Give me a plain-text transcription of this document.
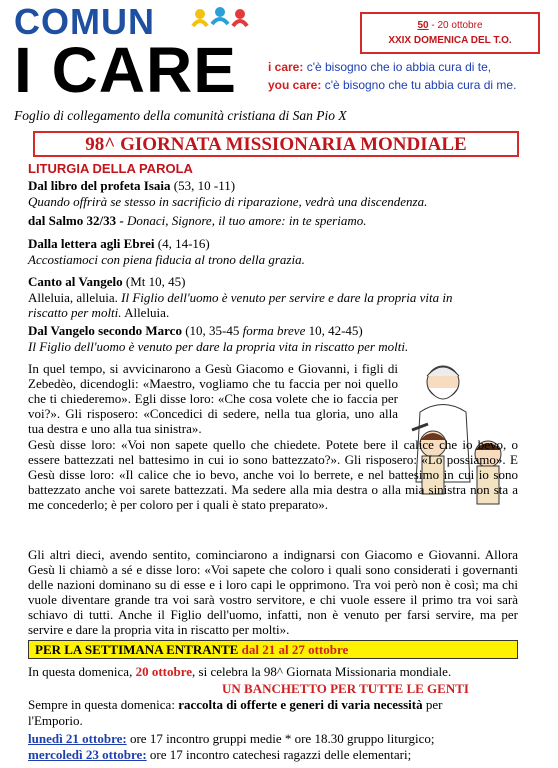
COMUN
I CARE
50 - 20 ottobre
XXIX DOMENICA DEL T.O.
i care: c'è bisogno che io abbia cura di te,
you care: c'è bisogno che tu abbia cura di me.
Foglio di collegamento della comunità cristiana di San Pio X
98^ GIORNATA MISSIONARIA MONDIALE
LITURGIA DELLA PAROLA
Dal libro del profeta Isaia (53, 10 -11)
Quando offrirà se stesso in sacrificio di riparazione, vedrà una discendenza.
dal Salmo 32/33 - Donaci, Signore, il tuo amore: in te speriamo.
Dalla lettera agli Ebrei (4, 14-16)
Accostiamoci con piena fiducia al trono della grazia.
Canto al Vangelo (Mt 10, 45)
Alleluia, alleluia. Il Figlio dell'uomo è venuto per servire e dare la propria vita in
riscatto per molti. Alleluia.
Dal Vangelo secondo Marco (10, 35-45 forma breve 10, 42-45)
Il Figlio dell'uomo è venuto per dare la propria vita in riscatto per molti.
In quel tempo, si avvicinarono a Gesù Giacomo e Giovanni, i figli di Zebedèo, dicendogli: «Maestro, vogliamo che tu faccia per noi quello che ti chiederemo». Egli disse loro: «Che cosa volete che io faccia per voi?». Gli risposero: «Concedici di sedere, nella tua gloria, uno alla tua destra e uno alla tua sinistra».
Gesù disse loro: «Voi non sapete quello che chiedete. Potete bere il calice che io bevo, o essere battezzati nel battesimo in cui io sono battezzato?». Gli risposero: «Lo possiamo». E Gesù disse loro: «Il calice che io bevo, anche voi lo berrete, e nel battesimo in cui io sono battezzato anche voi sarete battezzati. Ma sedere alla mia destra o alla mia sinistra non sta a me concederlo; è per coloro per i quali è stato preparato».
Gli altri dieci, avendo sentito, cominciarono a indignarsi con Giacomo e Giovanni. Allora Gesù li chiamò a sé e disse loro: «Voi sapete che coloro i quali sono considerati i governanti delle nazioni dominano su di esse e i loro capi le opprimono. Tra voi però non è così; ma chi vuole diventare grande tra voi sarà vostro servitore, e chi vuole essere il primo tra voi sarà schiavo di tutti. Anche il Figlio dell'uomo, infatti, non è venuto per farsi servire, ma per servire e dare la propria vita in riscatto per molti».
PER LA SETTIMANA ENTRANTE dal 21 al 27 ottobre
In questa domenica, 20 ottobre, si celebra la 98^ Giornata Missionaria mondiale.
UN BANCHETTO PER TUTTE LE GENTI
Sempre in questa domenica: raccolta di offerte e generi di varia necessità per
l'Emporio.
lunedì 21 ottobre: ore 17 incontro gruppi medie * ore 18.30 gruppo liturgico;
mercoledì 23 ottobre: ore 17 incontro catechesi ragazzi delle elementari;
